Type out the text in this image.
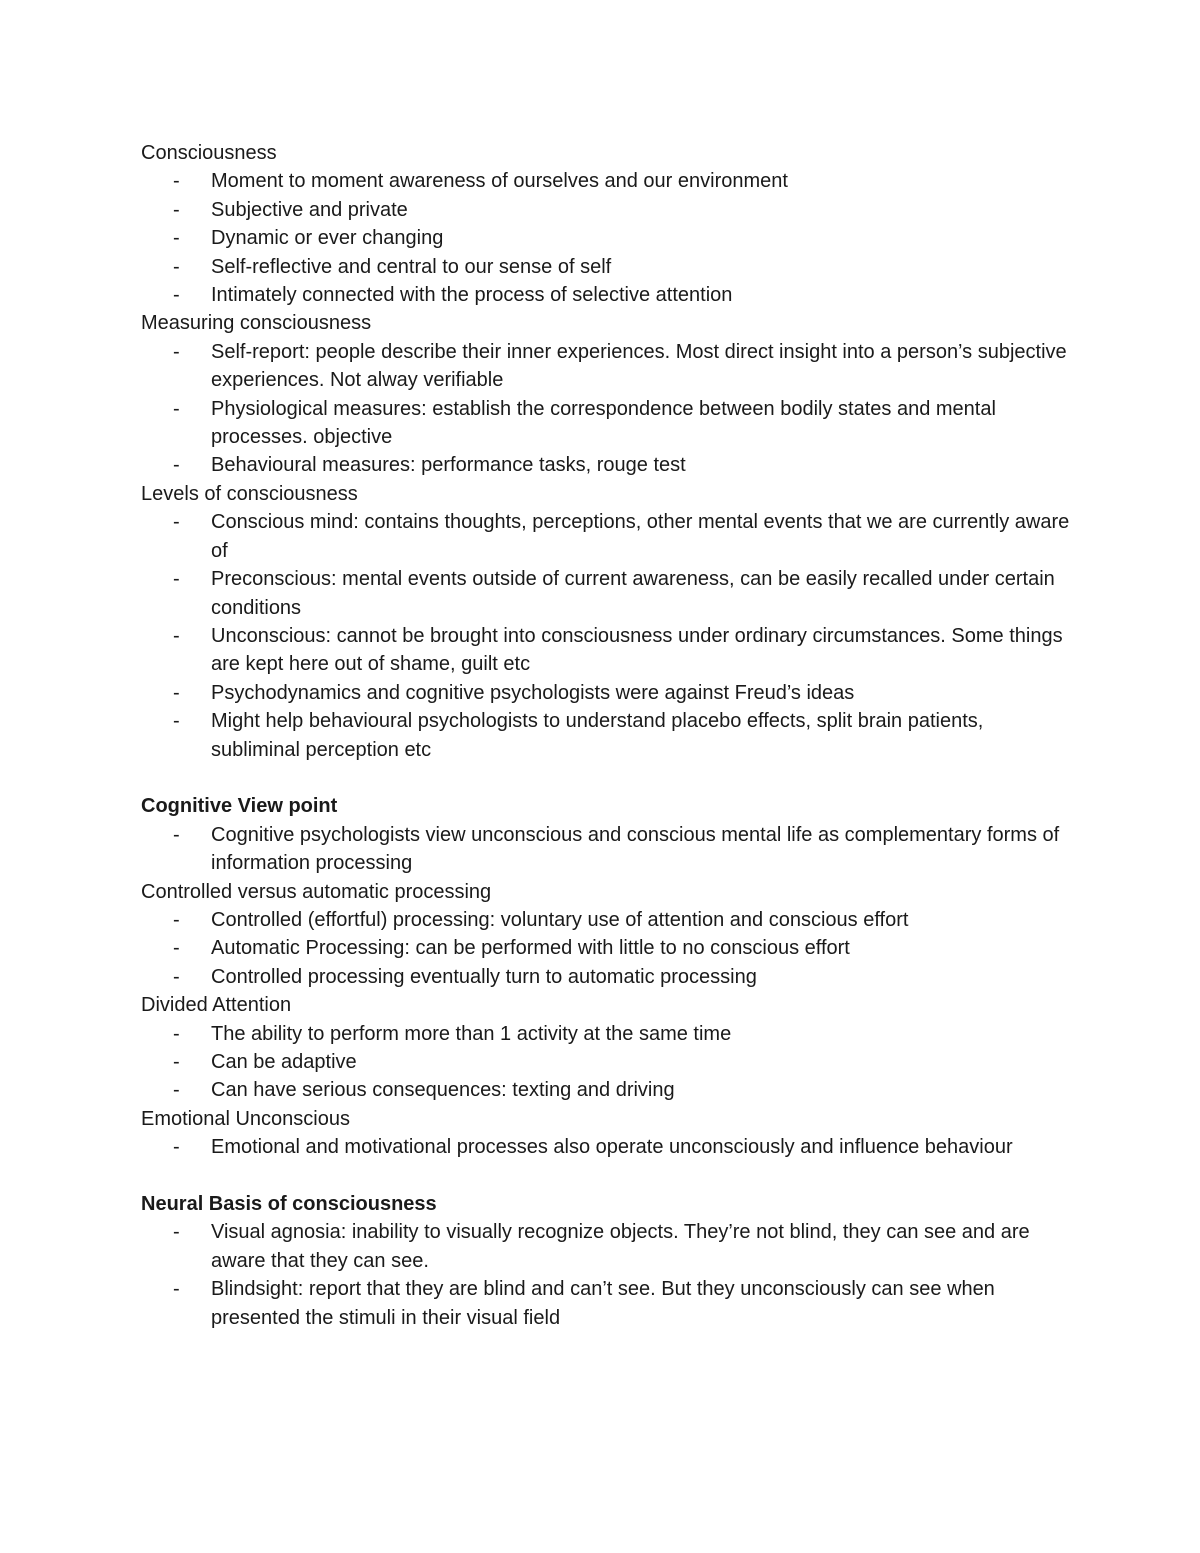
Consciousness
- Moment to moment awareness of ourselves and our environment
- Subjective and private
- Dynamic or ever changing
- Self-reflective and central to our sense of self
- Intimately connected with the process of selective attention
Measuring consciousness
- Self-report: people describe their inner experiences. Most direct insight into a person’s subjective experiences. Not alway verifiable
- Physiological measures: establish the correspondence between bodily states and mental processes. objective
- Behavioural measures: performance tasks, rouge test
Levels of consciousness
- Conscious mind: contains thoughts, perceptions, other mental events that we are currently aware of
- Preconscious: mental events outside of current awareness, can be easily recalled under certain conditions
- Unconscious: cannot be brought into consciousness under ordinary circumstances. Some things are kept here out of shame, guilt etc
- Psychodynamics and cognitive psychologists were against Freud’s ideas
- Might help behavioural psychologists to understand placebo effects, split brain patients, subliminal perception etc
Cognitive View point
- Cognitive psychologists view unconscious and conscious mental life as complementary forms of information processing
Controlled versus automatic processing
- Controlled (effortful) processing: voluntary use of attention and conscious effort
- Automatic Processing: can be performed with little to no conscious effort
- Controlled processing eventually turn to automatic processing
Divided Attention
- The ability to perform more than 1 activity at the same time
- Can be adaptive
- Can have serious consequences: texting and driving
Emotional Unconscious
- Emotional and motivational processes also operate unconsciously and influence behaviour
Neural Basis of consciousness
- Visual agnosia: inability to visually recognize objects. They’re not blind, they can see and are aware that they can see.
- Blindsight: report that they are blind and can’t see. But they unconsciously can see when presented the stimuli in their visual field
